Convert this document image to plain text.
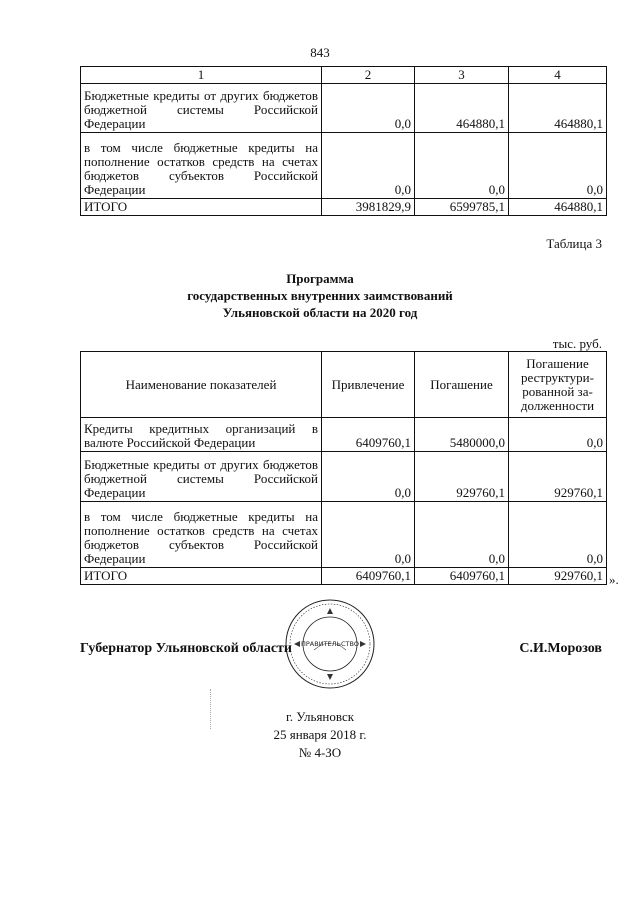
843
1	2	3	4
Бюджетные кредиты от других бюджетов бюджетной системы Российской Федерации	0,0	464880,1	464880,1
в том числе бюджетные кредиты на пополнение остатков средств на счетах бюджетов субъектов Российской Федерации	0,0	0,0	0,0
ИТОГО	3981829,9	6599785,1	464880,1
Таблица 3
Программа
государственных внутренних заимствований
Ульяновской области на 2020 год
тыс. руб.
Наименование показателей	Привлечение	Погашение	Погашение реструктури-рованной за-долженности
Кредиты кредитных организаций в валюте Российской Федерации	6409760,1	5480000,0	0,0
Бюджетные кредиты от других бюджетов бюджетной системы Российской Федерации	0,0	929760,1	929760,1
в том числе бюджетные кредиты на пополнение остатков средств на счетах бюджетов субъектов Российской Федерации	0,0	0,0	0,0
ИТОГО	6409760,1	6409760,1	929760,1 ».
ПРАВИТЕЛЬСТВО
Губернатор Ульяновской области	С.И.Морозов
г. Ульяновск
25 января 2018 г.
№ 4-ЗО
